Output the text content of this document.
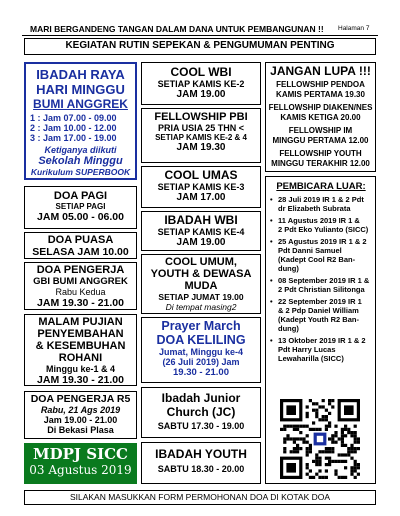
MARI BERGANDENG TANGAN DALAM DANA UNTUK PEMBANGUNAN !! Halaman 7
KEGIATAN RUTIN SEPEKAN & PENGUMUMAN PENTING
IBADAH RAYA
HARI MINGGU
BUMI ANGGREK
1 : Jam 07.00 - 09.00
2 : Jam 10.00 - 12.00
3 : Jam 17.00 - 19.00
Ketiganya diikuti
Sekolah Minggu
Kurikulum SUPERBOOK
DOA PAGI
SETIAP PAGI
JAM 05.00 - 06.00
DOA PUASA
SELASA JAM 10.00
DOA PENGERJA
GBI BUMI ANGGREK
Rabu Kedua
JAM 19.30 - 21.00
MALAM PUJIAN
PENYEMBAHAN
& KESEMBUHAN
ROHANI
Minggu ke-1 & 4
JAM 19.30 - 21.00
DOA PENGERJA R5
Rabu, 21 Ags 2019
Jam 19.00 - 21.00
Di Bekasi Plasa
MDPJ SICC
03 Agustus 2019
COOL WBI
SETIAP KAMIS KE-2
JAM 19.00
FELLOWSHIP PBI
PRIA USIA 25 THN <
SETIAP KAMIS KE-2 & 4
JAM 19.30
COOL UMAS
SETIAP KAMIS KE-3
JAM 17.00
IBADAH WBI
SETIAP KAMIS KE-4
JAM 19.00
COOL UMUM,
YOUTH & DEWASA
MUDA
SETIAP JUMAT 19.00
Di tempat masing2
Prayer March
DOA KELILING
Jumat, Minggu ke-4
(26 Juli 2019) Jam
19.30 - 21.00
Ibadah Junior
Church (JC)
SABTU 17.30 - 19.00
IBADAH YOUTH
SABTU 18.30 - 20.00
JANGAN LUPA !!!
FELLOWSHIP PENDOA
KAMIS PERTAMA 19.30
FELLOWSHIP DIAKEN/NES
KAMIS KETIGA 20.00
FELLOWSHIP IM
MINGGU PERTAMA 12.00
FELLOWSHIP YOUTH
MINGGU TERAKHIR 12.00
PEMBICARA LUAR:
• 28 Juli 2019 IR 1 & 2 Pdt
dr Elizabeth Subrata
• 11 Agustus 2019 IR 1 &
2 Pdt Eko Yulianto (SICC)
• 25 Agustus 2019 IR 1 & 2
Pdt Danni Samuel
(Kadept Cool R2 Ban-
dung)
• 08 September 2019 IR 1 &
2 Pdt Christian Silitonga
• 22 September 2019 IR 1
& 2 Pdp Daniel William
(Kadept Youth R2 Ban-
dung)
• 13 Oktober 2019 IR 1 & 2
Pdt Harry Lucas
Lewaharilla (SICC)
SILAKAN MASUKKAN FORM PERMOHONAN DOA DI KOTAK DOA
